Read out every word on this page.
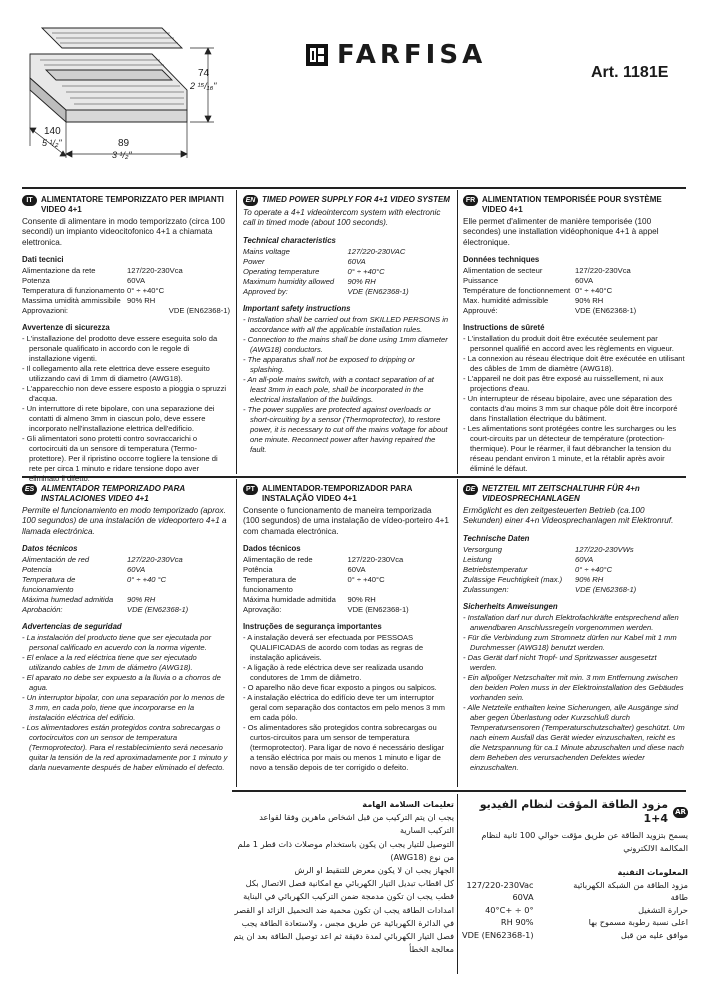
74
2 ¹⁵/₁₆"
140
5 ¹/₂"	89
3 ¹/₂"
FARFISA
Art. 1181E
IT	ALIMENTATORE TEMPORIZZATO PER IMPIANTI VIDEO 4+1
Consente di alimentare in modo temporizzato (circa 100 secondi) un impianto videocitofonico 4+1 a chiamata elettronica.
Dati tecnici
Alimentazione da rete	127/220-230Vca
Potenza	60VA
Temperatura di funzionamento 0° ÷ +40°C
Massima umidità ammissibile 90% RH
Approvazioni:	VDE (EN62368-1)
Avvertenze di sicurezza
- L'installazione del prodotto deve essere eseguita solo da personale qualificato in accordo con le regole di installazione vigenti.
- Il collegamento alla rete elettrica deve essere eseguito utilizzando cavi di 1mm di diametro (AWG18).
- L'apparecchio non deve essere esposto a pioggia o spruzzi d'acqua.
- Un interruttore di rete bipolare, con una separazione dei contatti di almeno 3mm in ciascun polo, deve essere incorporato nell'installazione elettrica dell'edificio.
- Gli alimentatori sono protetti contro sovraccarichi o cortocircuiti da un sensore di temperatura (Termo-protettore). Per il ripristino occorre togliere la tensione di rete per circa 1 minuto e ridare tensione dopo aver eliminato il difetto.
EN TIMED POWER SUPPLY FOR 4+1 VIDEO SYSTEM
To operate a 4+1 videointercom system with electronic call in timed mode (about 100 seconds).
Technical characteristics
Mains voltage	127/220-230VAC
Power	60VA
Operating temperature	0° ÷ +40°C
Maximum humidity allowed	90% RH
Approved by:	VDE (EN62368-1)
Important safety instructions
- Installation shall be carried out from SKILLED PERSONS in accordance with all the applicable installation rules.
- Connection to the mains shall be done using 1mm diameter (AWG18) conductors.
- The apparatus shall not be exposed to dripping or splashing.
- An all-pole mains switch, with a contact separation of at least 3mm in each pole, shall be incorporated in the electrical installation of the buildings.
- The power supplies are protected against overloads or short-circuiting by a sensor (Thermoprotector), to restore power, it is necessary to cut off the mains voltage for about one minute. Reconnect power after having repaired the fault.
FR ALIMENTATION TEMPORISÉE POUR SYSTÈME VIDEO 4+1
Elle permet d'alimenter de manière temporisée (100 secondes) une installation vidéophonique 4+1 à appel électronique.
Données techniques
Alimentation de secteur	127/220-230Vca
Puissance	60VA
Température de fonctionnement 0° ÷ +40°C
Max. humidité admissible	90% RH
Approuvé:	VDE (EN62368-1)
Instructions de sûreté
- L'installation du produit doit être exécutée seulement par personnel qualifié en accord avec les règlements en vigueur.
- La connexion au réseau électrique doit être exécutée en utilisant des câbles de 1mm de diamètre (AWG18).
- L'appareil ne doit pas être exposé au ruissellement, ni aux projections d'eau.
- Un interrupteur de réseau bipolaire, avec une séparation des contacts d'au moins 3 mm sur chaque pôle doit être incorporé dans l'installation électrique du bâtiment.
- Les alimentations sont protégées contre les surcharges ou les court-circuits par un détecteur de température (protection-thermique). Pour le réarmer, il faut débrancher la tension du réseau pendant environ 1 minute, et la rétablir après avoir éliminé le défaut.
ES ALIMENTADOR TEMPORIZADO PARA INSTALACIONES VIDEO 4+1
Permite el funcionamiento en modo temporizado (aprox. 100 segundos) de una instalación de videoportero 4+1 a llamada electrónica.
Datos técnicos
Alimentación de red	127/220-230Vca
Potencia	60VA
Temperatura de funcionamiento
0° ÷ +40 °C
Máxima humedad admitida	90% RH
Aprobación:	VDE (EN62368-1)
Advertencias de seguridad
- La instalación del producto tiene que ser ejecutada por personal calificado en acuerdo con la norma vigente.
- El enlace a la red eléctrica tiene que ser ejecutado utilizando cables de 1mm de diámetro (AWG18).
- El aparato no debe ser expuesto a la lluvia o a chorros de agua.
- Un interruptor bipolar, con una separación por lo menos de 3 mm, en cada polo, tiene que incorporarse en la instalación eléctrica del edificio.
- Los alimentadores están protegidos contra sobrecargas o cortocircuitos con un sensor de temperatura (Termoprotector). Para el restablecimiento será necesario quitar la tensión de la red aproximadamente por 1 minuto y darla nuevamente después de haber eliminado el defecto.
PT ALIMENTADOR-TEMPORIZADOR PARA INSTALAÇÃO VIDEO 4+1
Consente o funcionamento de maneira temporizada (100 segundos) de uma instalação de vídeo-porteiro 4+1 com chamada electrónica.
Dados técnicos
Alimentação de rede	127/220-230Vca
Potência	60VA
Temperatura de funcionamento
0° ÷ +40°C
Máxima humidade admitida	90% RH
Aprovação:	VDE (EN62368-1)
Instruções de segurança importantes
- A instalação deverá ser efectuada por PESSOAS QUALIFICADAS de acordo com todas as regras de instalação aplicáveis.
- A ligação à rede eléctrica deve ser realizada usando condutores de 1mm de diâmetro.
- O aparelho não deve ficar exposto a pingos ou salpicos.
- A instalação eléctrica do edifício deve ter um interruptor geral com separação dos contactos em pelo menos 3 mm em cada pólo.
- Os alimentadores são protegidos contra sobrecargas ou curtos-circuitos para um sensor de temperatura (termoprotector). Para ligar de novo é necessário desligar a tensão eléctrica por mais ou menos 1 minuto e ligar de novo a tensão depois de ter corrigido o defeito.
DE NETZTEIL MIT ZEITSCHALTUHR FÜR 4+n VIDEOSPRECHANLAGEN
Ermöglicht es den zeitgesteuerten Betrieb (ca.100 Sekunden) einer 4+n Videosprechanlagen mit Elektronruf.
Technische Daten
Versorgung	127/220-230VWs
Leistung	60VA
Betriebstemperatur	0° ÷ +40°C
Zulässige Feuchtigkeit (max.)	90% RH
Zulassungen:	VDE (EN62368-1)
Sicherheits Anweisungen
- Installation darf nur durch Elektrofachkräfte entsprechend allen anwendbaren Anschlussregeln vorgenommen werden.
- Für die Verbindung zum Stromnetz dürfen nur Kabel mit 1 mm Durchmesser (AWG18) benutzt werden.
- Das Gerät darf nicht Tropf- und Spritzwasser ausgesetzt werden.
- Ein allpoliger Netzschalter mit min. 3 mm Entfernung zwischen den beiden Polen muss in der Elektroinstallation des Gebäudes vorhanden sein.
- Alle Netzteile enthalten keine Sicherungen, alle Ausgänge sind aber gegen Überlastung oder Kurzschluß durch Temperatursensoren (Temperaturschutzschalter) geschützt. Um nach einem Ausfall das Gerät wieder einzuschalten, reicht es die Netzspannung für ca.1 Minute abzuschalten und diese nach dem Beheben des verursachenden Defektes wieder einzuschalten.
AR
مزود الطاقة المؤقت لنظام الفيديو 4+1
يسمح بتزويد الطاقة عن طريق مؤقت حوالي 100 ثانية لنظام المكالمة الالكتروني
المعلومات التقنية
مزود الطاقة من الشبكة الكهربائية
127/220-230Vac
طاقة
60VA
حرارة التشغيل
0° ÷ +40°C
اعلى نسبة رطوبة مسموح بها
90% RH
موافق عليه من قبل
VDE (EN62368-1)
تعليمات السلامة الهامة
يجب ان يتم التركيب من قبل اشخاص ماهرين وفقا لقواعد التركيب السارية
التوصيل للتيار يجب ان يكون باستخدام موصلات ذات قطر 1 ملم من نوع (AWG18)
الجهاز يجب ان لا يكون معرض للتنقيط او الرش
كل اقطاب تبديل التيار الكهربائي مع امكانية فصل الاتصال بكل قطب يجب ان تكون مدمجة ضمن التركيب الكهربائي في البناية
امدادات الطاقة يجب ان تكون محمية ضد التحميل الزائد او القصر في الدائرة الكهربائية عن طريق مجس ، ولاستعادة الطاقة يجب فصل التيار الكهربائي لمدة دقيقة ثم اعد توصيل الطاقة بعد ان يتم معالجة الخطأ
